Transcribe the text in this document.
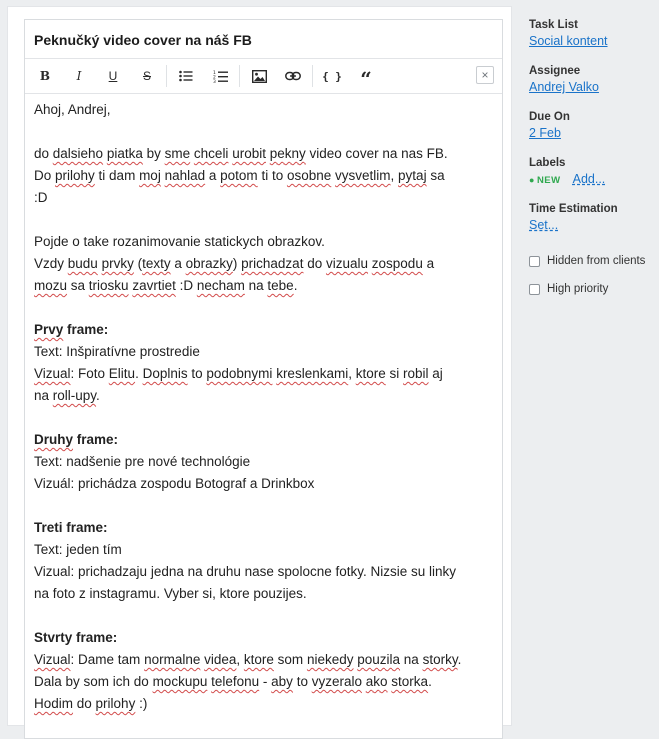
Peknučký video cover na náš FB
B I U S	1
2
3	{ } “	×
Ahoj, Andrej,
do dalsieho piatka by sme chceli urobit pekny video cover na nas FB.
Do prilohy ti dam moj nahlad a potom ti to osobne vysvetlim, pytaj sa
:D
Pojde o take rozanimovanie statickych obrazkov.
Vzdy budu prvky (texty a obrazky) prichadzat do vizualu zospodu a
mozu sa triosku zavrtiet :D necham na tebe.
Prvy frame:
Text: Inšpiratívne prostredie
Vizual: Foto Elitu. Doplnis to podobnymi kreslenkami, ktore si robil aj
na roll-upy.
Druhy frame:
Text: nadšenie pre nové technológie
Vizuál: prichádza zospodu Botograf a Drinkbox
Treti frame:
Text: jeden tím
Vizual: prichadzaju jedna na druhu nase spolocne fotky. Nizsie su linky
na foto z instagramu. Vyber si, ktore pouzijes.
Stvrty frame:
Vizual: Dame tam normalne videa, ktore som niekedy pouzila na storky.
Dala by som ich do mockupu telefonu - aby to vyzeralo ako storka.
Hodim do prilohy :)
Task List
Social kontent
Assignee
Andrej Valko
Due On
2 Feb
Labels
● NEW Add...
Time Estimation
Set...
Hidden from clients
High priority
